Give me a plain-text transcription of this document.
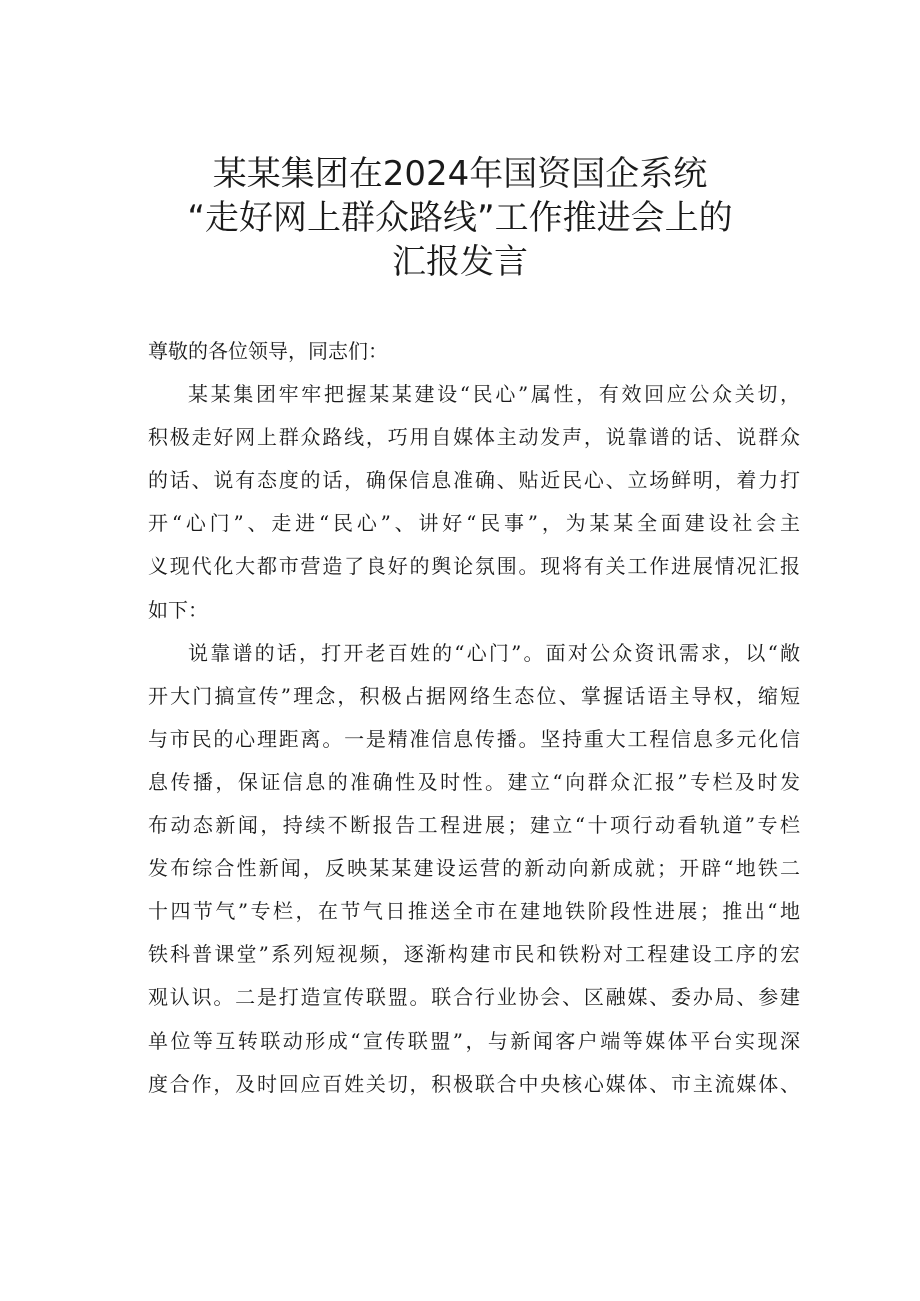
某某集团在2024年国资国企系统
“走好网上群众路线”工作推进会上的
汇报发言

尊敬的各位领导，同志们：

某某集团牢牢把握某某建设“民心”属性，有效回应公众关切，
积极走好网上群众路线，巧用自媒体主动发声，说靠谱的话、说群众
的话、说有态度的话，确保信息准确、贴近民心、立场鲜明，着力打
开“心门”、走进“民心”、讲好“民事”，为某某全面建设社会主
义现代化大都市营造了良好的舆论氛围。现将有关工作进展情况汇报
如下：

说靠谱的话，打开老百姓的“心门”。面对公众资讯需求，以“敞
开大门搞宣传”理念，积极占据网络生态位、掌握话语主导权，缩短
与市民的心理距离。一是精准信息传播。坚持重大工程信息多元化信
息传播，保证信息的准确性及时性。建立“向群众汇报”专栏及时发
布动态新闻，持续不断报告工程进展；建立“十项行动看轨道”专栏
发布综合性新闻，反映某某建设运营的新动向新成就；开辟“地铁二
十四节气”专栏，在节气日推送全市在建地铁阶段性进展；推出“地
铁科普课堂”系列短视频，逐渐构建市民和铁粉对工程建设工序的宏
观认识。二是打造宣传联盟。联合行业协会、区融媒、委办局、参建
单位等互转联动形成“宣传联盟”，与新闻客户端等媒体平台实现深
度合作，及时回应百姓关切，积极联合中央核心媒体、市主流媒体、
